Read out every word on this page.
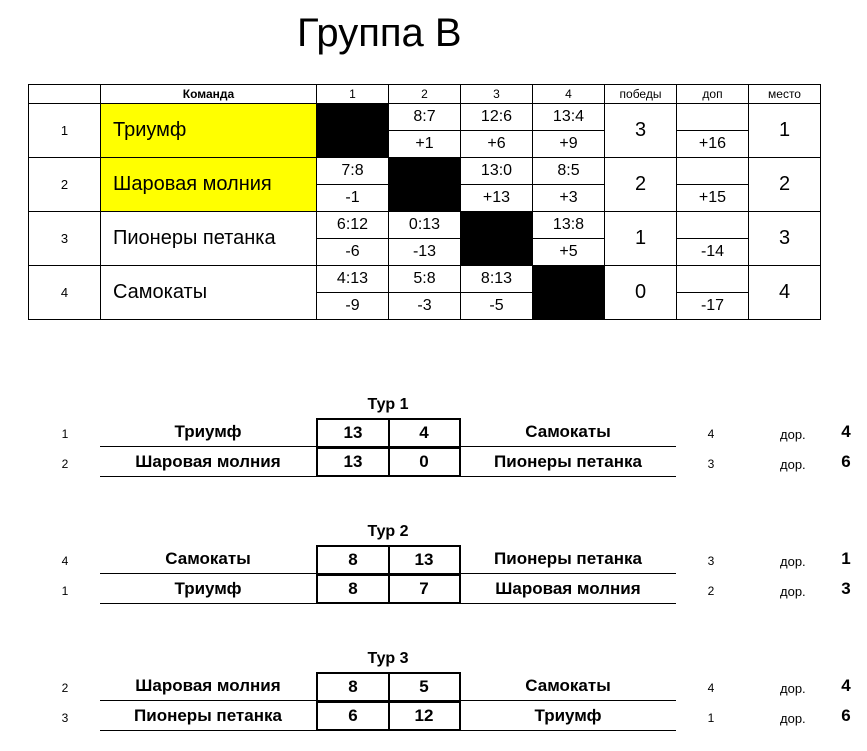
Группа В
	Команда	1	2	3	4	победы	доп	место
1	Триумф		8:7	12:6	13:4	3		1
			+1	+6	+9		+16	
2	Шаровая молния	7:8		13:0	8:5	2		2
		-1		+13	+3		+15	
3	Пионеры петанка	6:12	0:13		13:8	1		3
		-6	-13		+5		-14	
4	Самокаты	4:13	5:8	8:13		0		4
		-9	-3	-5			-17	
Тур 1
1	Триумф	13	4	Самокаты	4	дор.	4
2	Шаровая молния	13	0	Пионеры петанка	3	дор.	6
Тур 2
4	Самокаты	8	13	Пионеры петанка	3	дор.	1
1	Триумф	8	7	Шаровая молния	2	дор.	3
Тур 3
2	Шаровая молния	8	5	Самокаты	4	дор.	4
3	Пионеры петанка	6	12	Триумф	1	дор.	6
